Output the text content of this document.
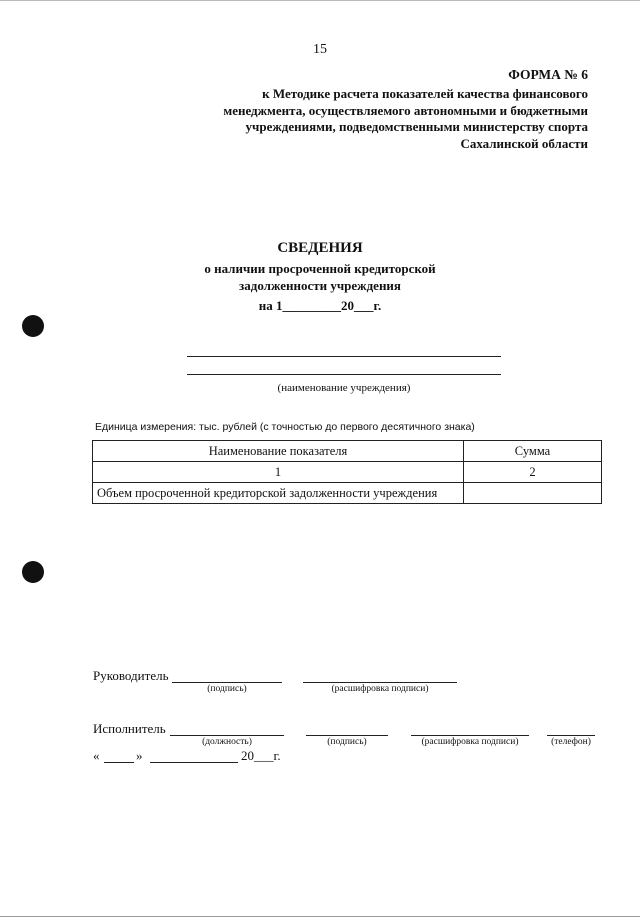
15
ФОРМА № 6
к Методике расчета показателей качества финансового
менеджмента, осуществляемого автономными и бюджетными
учреждениями, подведомственными министерству спорта
Сахалинской области
СВЕДЕНИЯ
о наличии просроченной кредиторской
задолженности учреждения
на 1_________20___г.
(наименование учреждения)
Единица измерения: тыс. рублей (с точностью до первого десятичного знака)
Наименование показателя	Сумма
1	2
Объем просроченной кредиторской задолженности учреждения	
Руководитель
(подпись)	(расшифровка подписи)
Исполнитель
(должность)	(подпись)	(расшифровка подписи)	(телефон)
«	»	20___г.
